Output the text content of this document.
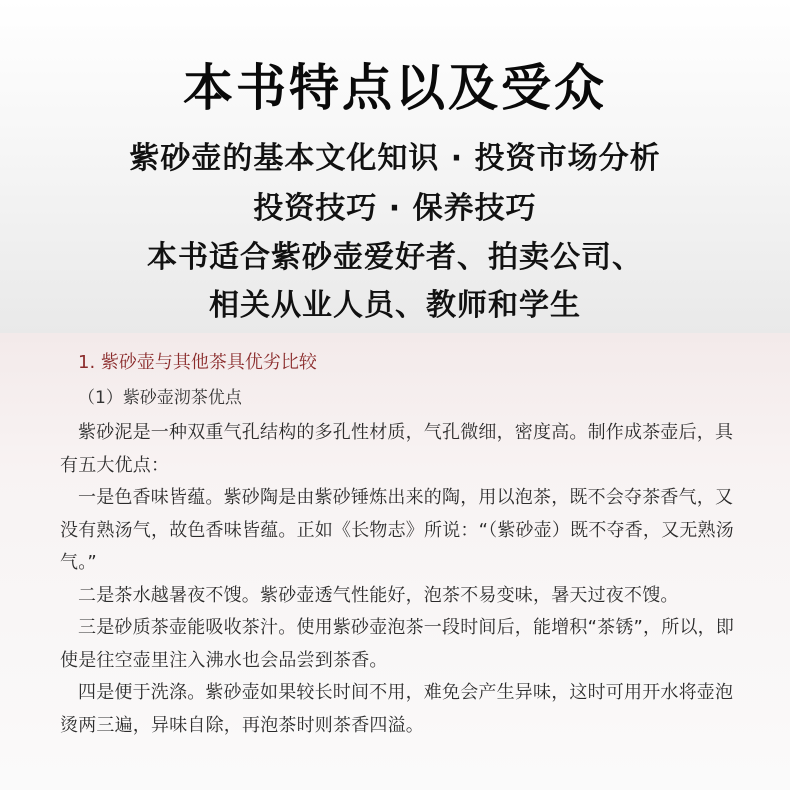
本书特点以及受众
紫砂壶的基本文化知识 · 投资市场分析
投资技巧 · 保养技巧
本书适合紫砂壶爱好者、拍卖公司、
相关从业人员、教师和学生
1. 紫砂壶与其他茶具优劣比较
（1）紫砂壶沏茶优点

紫砂泥是一种双重气孔结构的多孔性材质，气孔微细，密度高。制作成茶壶后，具有五大优点：

一是色香味皆蕴。紫砂陶是由紫砂锤炼出来的陶，用以泡茶，既不会夺茶香气，又没有熟汤气，故色香味皆蕴。正如《长物志》所说：“（紫砂壶）既不夺香，又无熟汤气。”

二是茶水越暑夜不馊。紫砂壶透气性能好，泡茶不易变味，暑天过夜不馊。

三是砂质茶壶能吸收茶汁。使用紫砂壶泡茶一段时间后，能增积“茶锈”，所以，即使是往空壶里注入沸水也会品尝到茶香。

四是便于洗涤。紫砂壶如果较长时间不用，难免会产生异味，这时可用开水将壶泡烫两三遍，异味自除，再泡茶时则茶香四溢。
